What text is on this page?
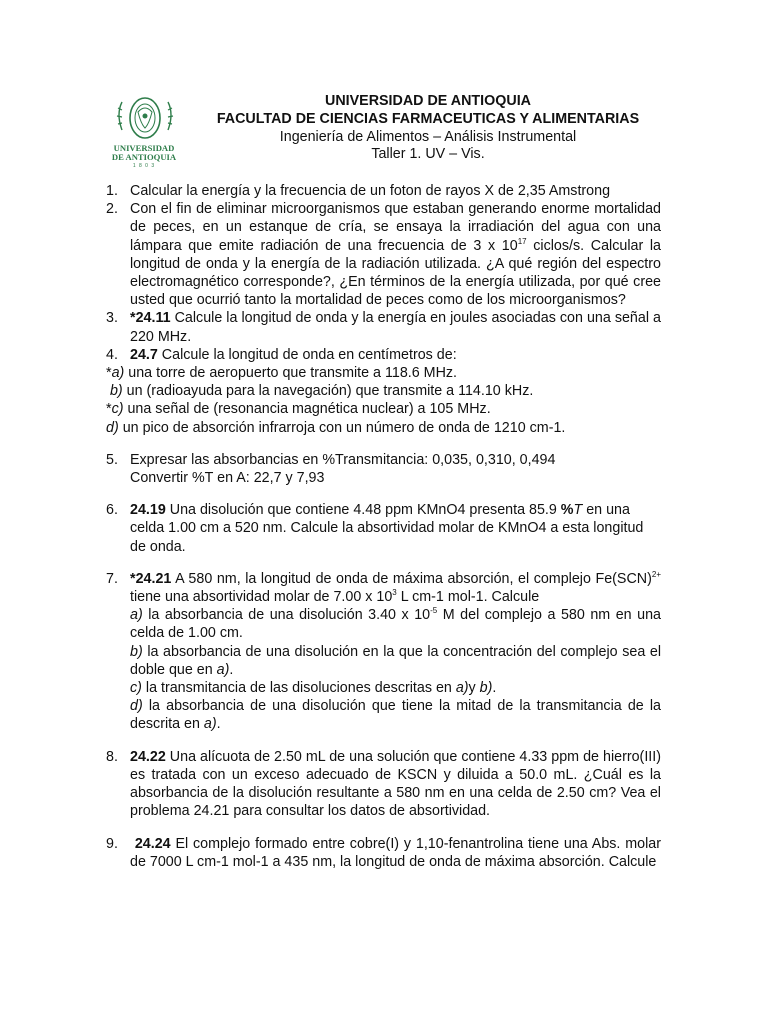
UNIVERSIDAD
DE ANTIOQUIA
1 8 0 3
UNIVERSIDAD DE ANTIOQUIA
FACULTAD DE CIENCIAS FARMACEUTICAS Y ALIMENTARIAS
Ingeniería de Alimentos – Análisis Instrumental
Taller 1. UV – Vis.
1. Calcular la energía y la frecuencia de un foton de rayos X de 2,35 Amstrong

2. Con el fin de eliminar microorganismos que estaban generando enorme mortalidad de peces, en un estanque de cría, se ensaya la irradiación del agua con una lámpara que emite radiación de una frecuencia de 3 x $10^{17}$ ciclos/s. Calcular la longitud de onda y la energía de la radiación utilizada. ¿A qué región del espectro electromagnético corresponde?, ¿En términos de la energía utilizada, por qué cree usted que ocurrió tanto la mortalidad de peces como de los microorganismos?

3. *24.11 Calcule la longitud de onda y la energía en joules asociadas con una señal a 220 MHz.

4. 24.7 Calcule la longitud de onda en centímetros de:

*a) una torre de aeropuerto que transmite a 118.6 MHz.
b) un (radioayuda para la navegación) que transmite a 114.10 kHz.
*c) una señal de (resonancia magnética nuclear) a 105 MHz.
d) un pico de absorción infrarroja con un número de onda de 1210 cm-1.
5. Expresar las absorbancias en %Transmitancia: 0,035, 0,310, 0,494

Convertir %T en A: 22,7 y 7,93

6. 24.19 Una disolución que contiene 4.48 ppm KMnO4 presenta 85.9 %T en una celda 1.00 cm a 520 nm. Calcule la absortividad molar de KMnO4 a esta longitud de onda.

7. *24.21 A 580 nm, la longitud de onda de máxima absorción, el complejo Fe(SCN)$^{2+}$ tiene una absortividad molar de 7.00 x $10^3$ L cm-1 mol-1. Calcule

a) la absorbancia de una disolución 3.40 x $10^{-5}$ M del complejo a 580 nm en una celda de 1.00 cm.

b) la absorbancia de una disolución en la que la concentración del complejo sea el doble que en a).

c) la transmitancia de las disoluciones descritas en a)y b).

d) la absorbancia de una disolución que tiene la mitad de la transmitancia de la descrita en a).

8. 24.22 Una alícuota de 2.50 mL de una solución que contiene 4.33 ppm de hierro(III) es tratada con un exceso adecuado de KSCN y diluida a 50.0 mL. ¿Cuál es la absorbancia de la disolución resultante a 580 nm en una celda de 2.50 cm? Vea el problema 24.21 para consultar los datos de absortividad.

9.	24.24 El complejo formado entre cobre(I) y 1,10-fenantrolina tiene una Abs. molar de 7000 L cm-1 mol-1 a 435 nm, la longitud de onda de máxima absorción. Calcule
